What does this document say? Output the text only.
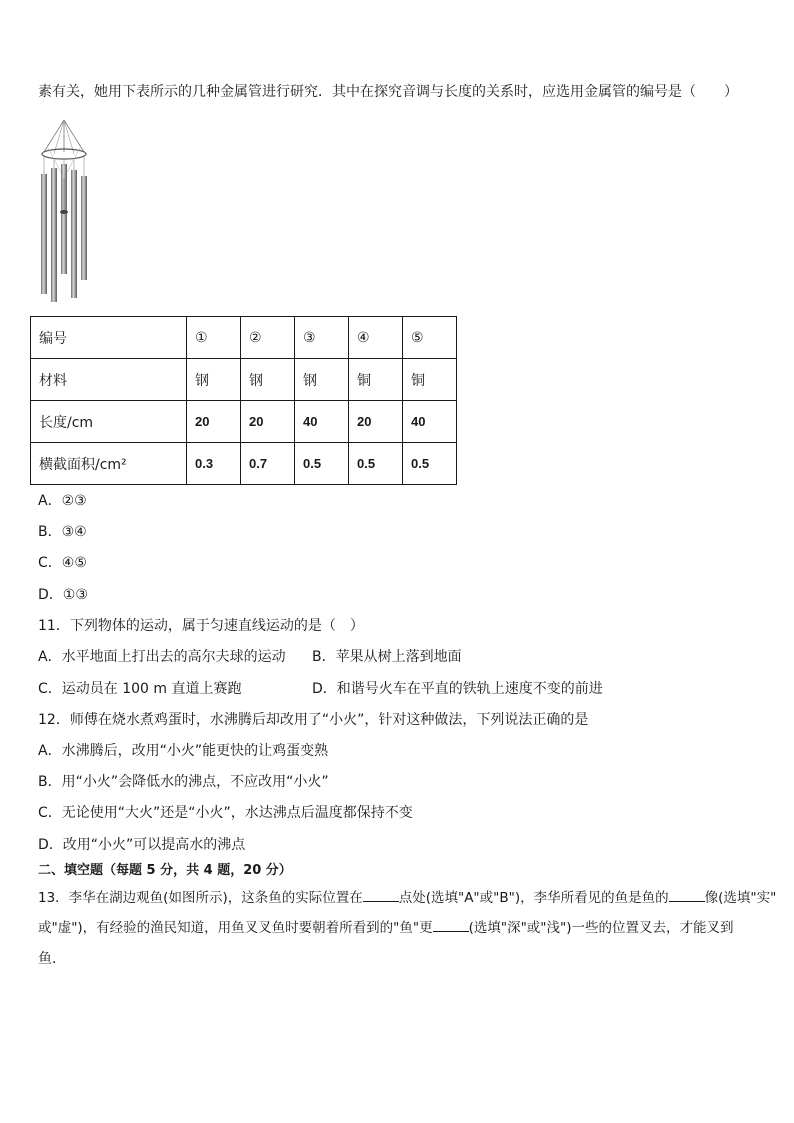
素有关，她用下表所示的几种金属管进行研究．其中在探究音调与长度的关系时，应选用金属管的编号是（　　）
编号	①	②	③	④	⑤
材料	钢	钢	钢	铜	铜
长度/cm	20	20	40	20	40
横截面积/cm²	0.3	0.7	0.5	0.5	0.5
A．②③
B．③④
C．④⑤
D．①③
11．下列物体的运动，属于匀速直线运动的是（　）
A．水平地面上打出去的高尔夫球的运动 B．苹果从树上落到地面
C．运动员在 100 m 直道上赛跑	D．和谐号火车在平直的铁轨上速度不变的前进
12．师傅在烧水煮鸡蛋时，水沸腾后却改用了“小火”，针对这种做法，下列说法正确的是
A．水沸腾后，改用“小火”能更快的让鸡蛋变熟
B．用“小火”会降低水的沸点，不应改用“小火”
C．无论使用“大火”还是“小火”，水达沸点后温度都保持不变
D．改用“小火”可以提高水的沸点
二、填空题（每题 5 分，共 4 题，20 分）
13．李华在湖边观鱼(如图所示)，这条鱼的实际位置在	点处(选填"A"或"B")，李华所看见的鱼是鱼的	像(选填"实"
或"虚")，有经验的渔民知道，用鱼叉叉鱼时要朝着所看到的"鱼"更	(选填"深"或"浅")一些的位置叉去，才能叉到
鱼．
